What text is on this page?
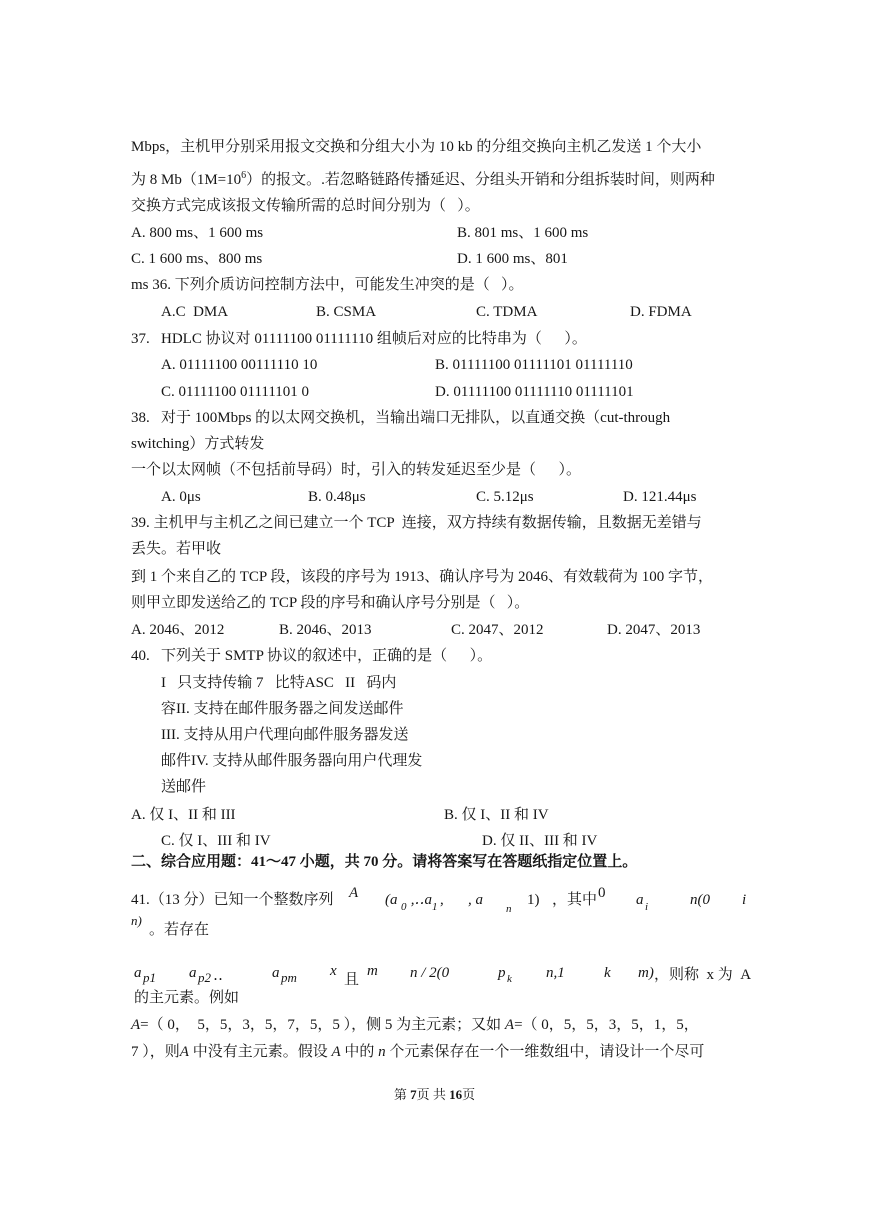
Mbps，主机甲分别采用报文交换和分组大小为 10 kb 的分组交换向主机乙发送 1 个大小
为 8 $Mb(1M=10^6)$的报文。.若忽略链路传播延迟、分组头开销和分组拆装时间，则两种
交换方式完成该报文传输所需的总时间分别为（   ）。
A. 800 ms、1 600 ms	B. 801 ms、1 600 ms
C. 1 600 ms、800 ms	D. 1 600 ms、801
ms 36. 下列介质访问控制方法中，可能发生冲突的是（   ）。
A.C  DMA	B. CSMA	C. TDMA	D. FDMA
37. HDLC 协议对 01111100 01111110 组帧后对应的比特串为（      ）。
A. 01111100 00111110 10	B. 01111100 01111101 01111110
C. 01111100 01111101 0	D. 01111100 01111110 01111101
38. 对于 100Mbps 的以太网交换机，当输出端口无排队，以直通交换（cut-through
switching）方式转发
一个以太网帧（不包括前导码）时，引入的转发延迟至少是（      ）。
A. 0μs	B. 0.48μs	C. 5.12μs	D. 121.44μs
39. 主机甲与主机乙之间已建立一个 TCP  连接，双方持续有数据传输，且数据无差错与
丢失。若甲收
到 1 个来自乙的 TCP 段，该段的序号为 1913、确认序号为 2046、有效载荷为 100 字节，
则甲立即发送给乙的 TCP 段的序号和确认序号分别是（   ）。
A. 2046、2012	B. 2046、2013	C. 2047、2012	D. 2047、2013
40. 下列关于 SMTP 协议的叙述中，正确的是（      ）。
I   只支持传输 7   比特ASC   II   码内
容II. 支持在邮件服务器之间发送邮件
III. 支持从用户代理向邮件服务器发送
邮件IV. 支持从邮件服务器向用户代理发
送邮件
A. 仅 I、II 和 III	B. 仅 I、II 和 IV
C. 仅 I、III 和 IV	D. 仅 II、III 和 IV
二、综合应用题：41～47 小题，共 70 分。请将答案写在答题纸指定位置上。
41.（13 分）已知一个整数序列 A (a 0 ,‥a 1 , , a
n
1) ，其中 0 a i	n(0 i
n)
。若存在
a p1 a p2 ‥	a pm x
且
m n / 2(0	p k n,1	k m) ，则称  x 为  A
的主元素。例如
A=（ 0，  5，5，3，5，7，5，5 ），侧 5 为主元素；又如 A=（ 0，5，5，3，5，1，5，
7 ），则A 中没有主元素。假设 A 中的 n 个元素保存在一个一维数组中，请设计一个尽可
第 7页 共 16页
